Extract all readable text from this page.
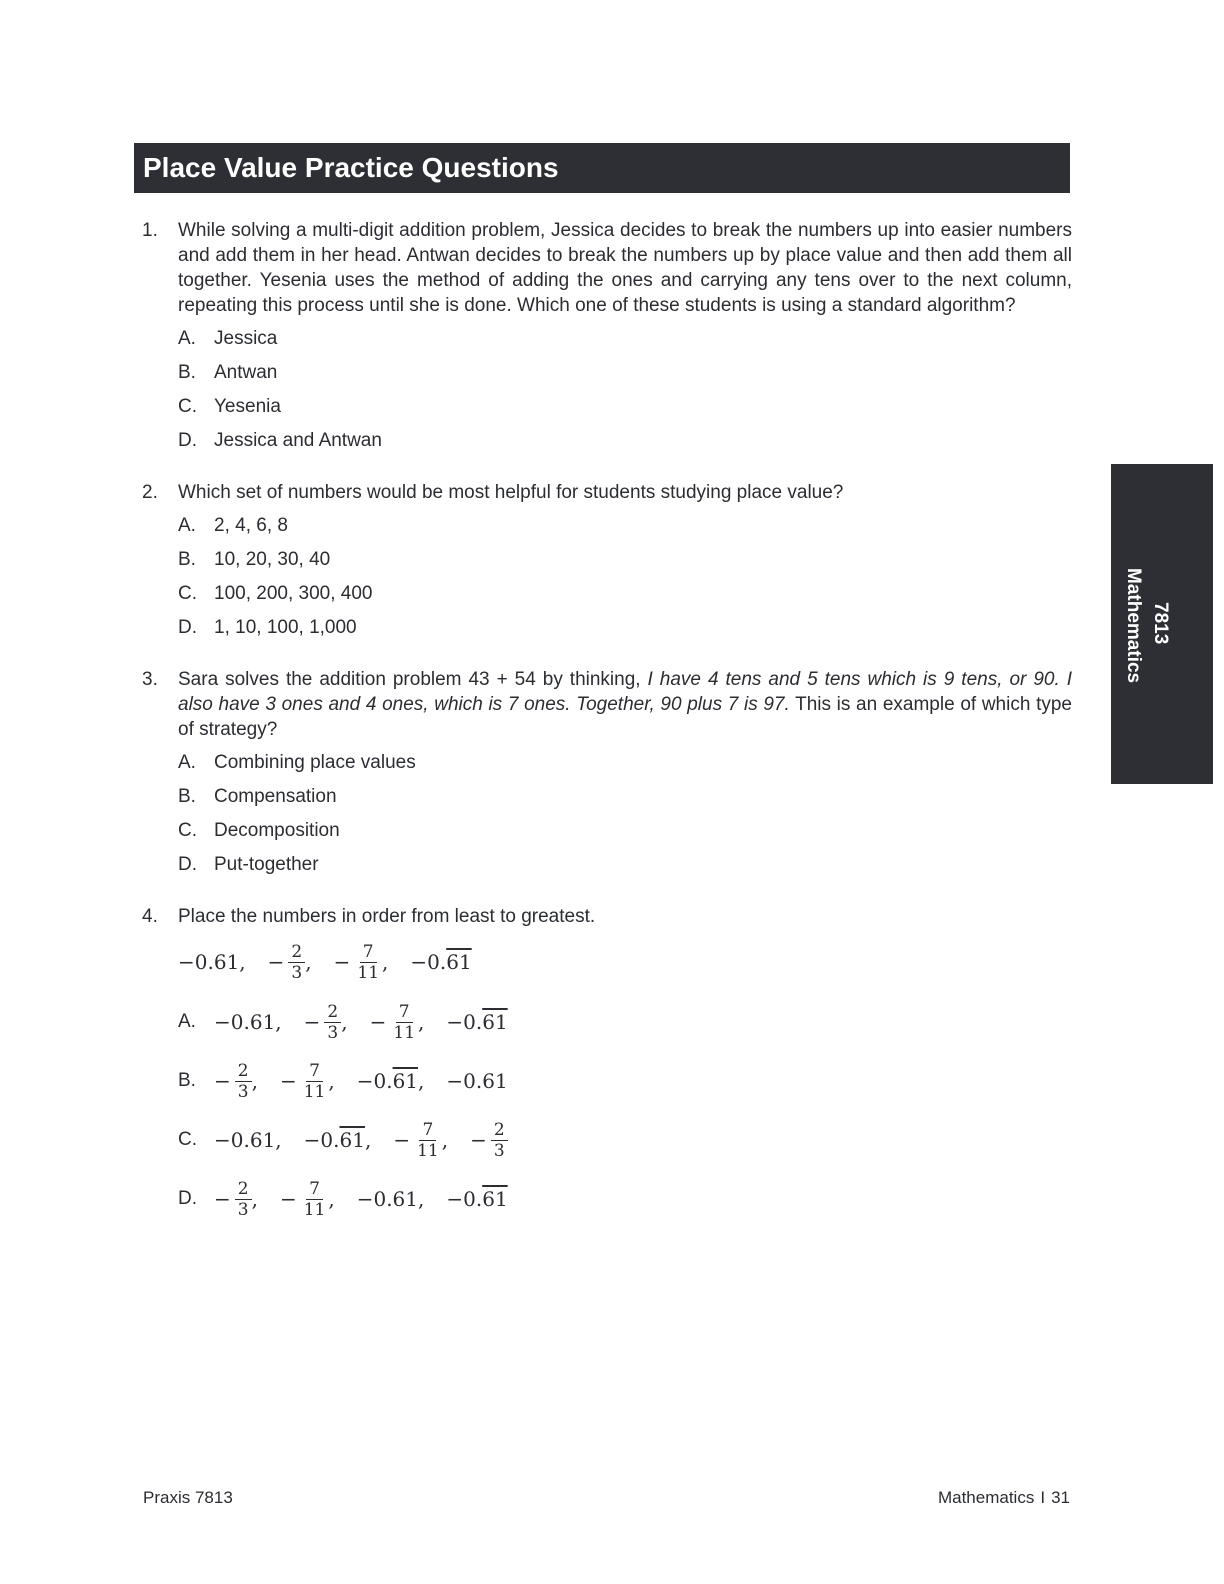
Place Value Practice Questions
7813
Mathematics
1. While solving a multi-digit addition problem, Jessica decides to break the numbers up into easier numbers and add them in her head. Antwan decides to break the numbers up by place value and then add them all together. Yesenia uses the method of adding the ones and carrying any tens over to the next column, repeating this process until she is done. Which one of these students is using a standard algorithm?

A. Jessica
B. Antwan
C. Yesenia
D. Jessica and Antwan
2. Which set of numbers would be most helpful for students studying place value?

A. 2, 4, 6, 8
B. 10, 20, 30, 40
C. 100, 200, 300, 400
D. 1, 10, 100, 1,000
3. Sara solves the addition problem 43 + 54 by thinking, I have 4 tens and 5 tens which is 9 tens, or 90. I also have 3 ones and 4 ones, which is 7 ones. Together, 90 plus 7 is 97. This is an example of which type of strategy?

A. Combining place values
B. Compensation
C. Decomposition
D. Put-together
4. Place the numbers in order from least to greatest.

−0.61, − $\frac{2}{3}$ , − $\frac{7}{11}$ , −0. 61
A. −0.61, − $\frac{2}{3}$ , − $\frac{7}{11}$ , −0. 61
B. − $\frac{2}{3}$ , − $\frac{7}{11}$ , −0. 61 , −0.61
C. −0.61, −0. 61 , − $\frac{7}{11}$ , − $\frac{2}{3}$
D. − $\frac{2}{3}$ , − $\frac{7}{11}$ , −0.61, −0. 61
Praxis 7813	Mathematics I 31
